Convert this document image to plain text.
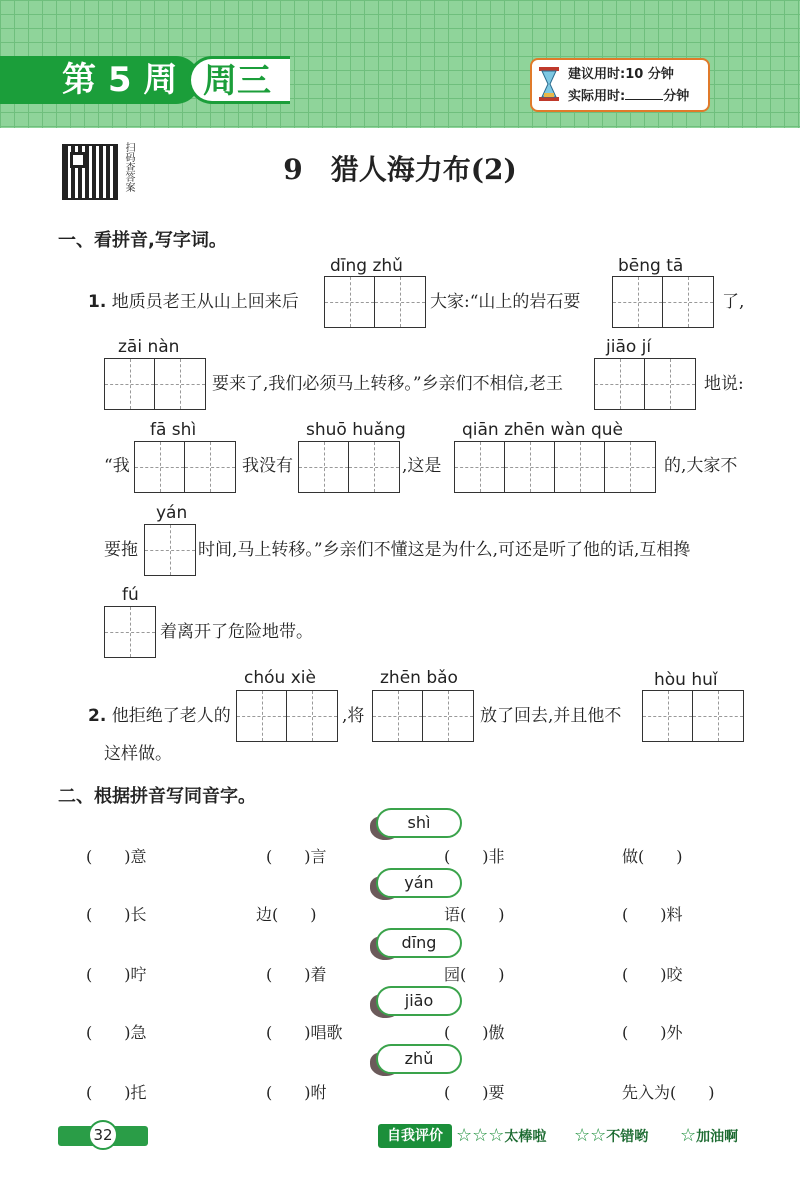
第 5 周 周三	建议用时:10 分钟
实际用时:	分钟
扫码查答案	9　猎人海力布(2)
一、看拼音,写字词。
dīng zhǔ	bēng tā
1. 地质员老王从山上回来后	大家:“山上的岩石要	了,
zāi nàn	jiāo jí
要来了,我们必须马上转移。”乡亲们不相信,老王	地说:
fā shì	shuō huǎng	qiān zhēn wàn què
“我	我没有	,这是	的,大家不
yán
要拖	时间,马上转移。”乡亲们不懂这是为什么,可还是听了他的话,互相搀
fú
着离开了危险地带。
chóu xiè	zhēn bǎo	hòu huǐ
2. 他拒绝了老人的	,将	放了回去,并且他不
这样做。
二、根据拼音写同音字。
shì
(　　)意	(　　)言	(　　)非	做(　　)
yán
(　　)长	边(　　)	语(　　)	(　　)料
dīng
(　　)咛	(　　)着	园(　　)	(　　)咬
jiāo
(　　)急	(　　)唱歌	(　　)傲	(　　)外
zhǔ
(　　)托	(　　)咐	(　　)要	先入为(　　)
32	自我评价 ☆☆☆太棒啦 ☆☆不错哟 ☆加油啊
